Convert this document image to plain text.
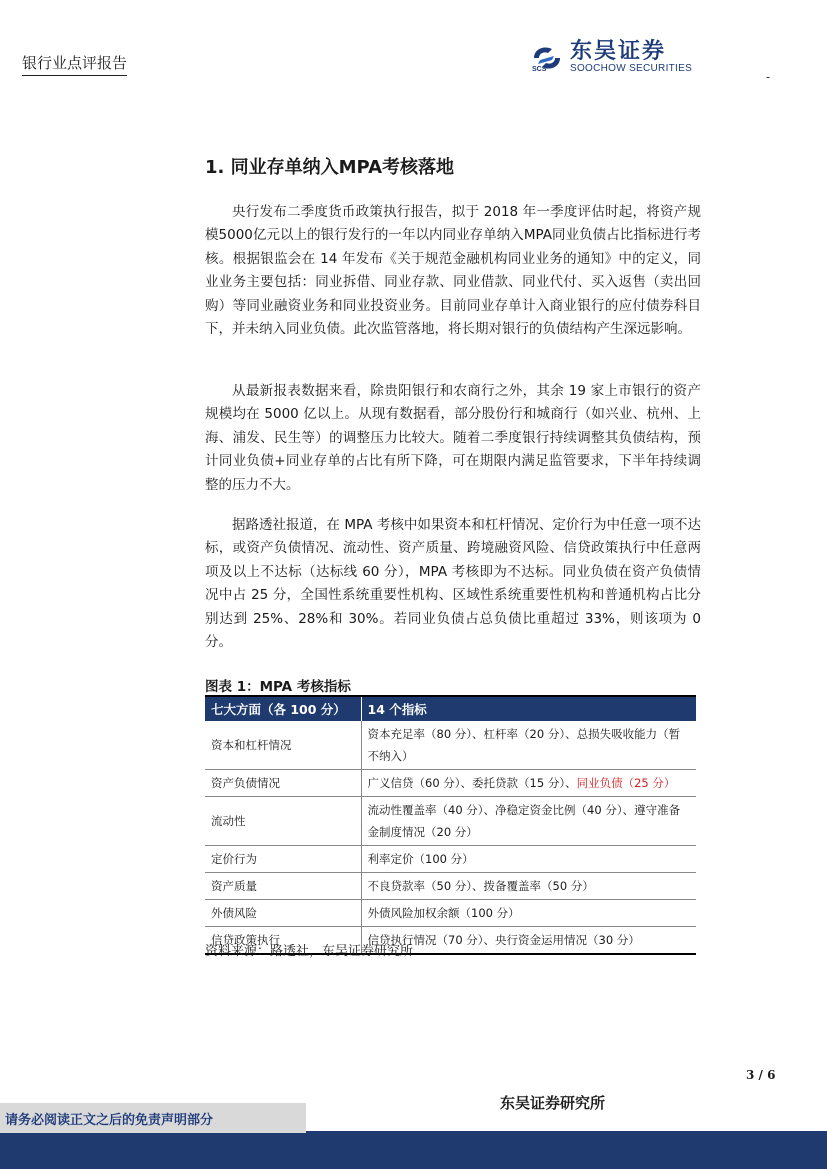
银行业点评报告	东吴证券
SOOCHOW SECURITIES
SCS
-
1. 同业存单纳入MPA考核落地

央行发布二季度货币政策执行报告，拟于 2018 年一季度评估时起，将资产规模5000亿元以上的银行发行的一年以内同业存单纳入MPA同业负债占比指标进行考核。根据银监会在 14 年发布《关于规范金融机构同业业务的通知》中的定义，同业业务主要包括：同业拆借、同业存款、同业借款、同业代付、买入返售（卖出回购）等同业融资业务和同业投资业务。目前同业存单计入商业银行的应付债券科目下，并未纳入同业负债。此次监管落地，将长期对银行的负债结构产生深远影响。

从最新报表数据来看，除贵阳银行和农商行之外，其余 19 家上市银行的资产规模均在 5000 亿以上。从现有数据看，部分股份行和城商行（如兴业、杭州、上海、浦发、民生等）的调整压力比较大。随着二季度银行持续调整其负债结构，预计同业负债+同业存单的占比有所下降，可在期限内满足监管要求，下半年持续调整的压力不大。

据路透社报道，在 MPA 考核中如果资本和杠杆情况、定价行为中任意一项不达标，或资产负债情况、流动性、资产质量、跨境融资风险、信贷政策执行中任意两项及以上不达标（达标线 60 分），MPA 考核即为不达标。同业负债在资产负债情况中占 25 分，全国性系统重要性机构、区域性系统重要性机构和普通机构占比分别达到 25%、28%和 30%。若同业负债占总负债比重超过 33%，则该项为 0 分。

图表 1：MPA 考核指标
七大方面（各 100 分）	14 个指标
资本和杠杆情况	资本充足率（80 分）、杠杆率（20 分）、总损失吸收能力（暂不纳入）
资产负债情况	广义信贷（60 分）、委托贷款（15 分）、同业负债（25 分）
流动性	流动性覆盖率（40 分）、净稳定资金比例（40 分）、遵守准备金制度情况（20 分）
定价行为	利率定价（100 分）
资产质量	不良贷款率（50 分）、拨备覆盖率（50 分）
外债风险	外债风险加权余额（100 分）
信贷政策执行	信贷执行情况（70 分）、央行资金运用情况（30 分）
资料来源：路透社，东吴证券研究所
3 / 6
东吴证券研究所
请务必阅读正文之后的免责声明部分
